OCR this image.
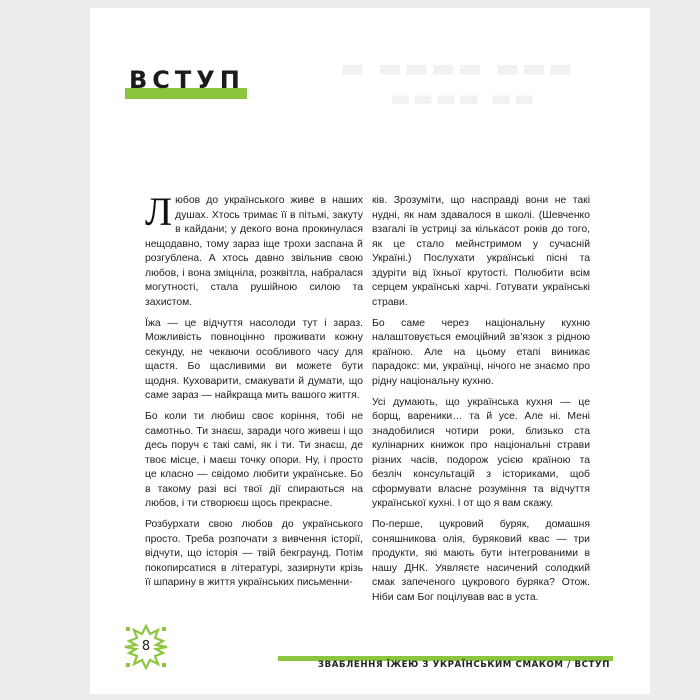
▬ ▬▬▬▬ ▬▬▬
▬▬▬▬ ▬▬
ВСТУП

Любов до українського живе в наших душах. Хтось тримає її в пітьмі, закуту в кайдани; у декого вона прокинулася нещодавно, тому зараз іще трохи заспана й розгублена. А хтось давно звільнив свою любов, і вона зміцніла, розквітла, набралася могутності, стала рушійною силою та захистом.

Їжа — це відчуття насолоди тут і зараз. Можливість повноцінно проживати кожну секунду, не чекаючи особливого часу для щастя. Бо щасливими ви можете бути щодня. Куховарити, смакувати й думати, що саме зараз — найкраща мить вашого життя.

Бо коли ти любиш своє коріння, тобі не самотньо. Ти знаєш, заради чого живеш і що десь поруч є такі самі, як і ти. Ти знаєш, де твоє місце, і маєш точку опори. Ну, і просто це класно — свідомо любити українське. Бо в такому разі всі твої дії спираються на любов, і ти створюєш щось прекрасне.

Розбурхати свою любов до українського просто. Треба розпочати з вивчення історії, відчути, що історія — твій бекграунд. Потім покопирсатися в літературі, зазирнути крізь її шпарину в життя українських письменни-

ків. Зрозуміти, що насправді вони не такі нудні, як нам здавалося в школі. (Шевченко взагалі їв устриці за кількасот років до того, як це стало мейнстримом у сучасній Україні.) Послухати українські пісні та здуріти від їхньої крутості. Полюбити всім серцем українські харчі. Готувати українські страви.

Бо саме через національну кухню налаштовується емоційний зв’язок з рідною країною. Але на цьому етапі виникає парадокс: ми, українці, нічого не знаємо про рідну національну кухню.

Усі думають, що українська кухня — це борщ, вареники… та й усе. Але ні. Мені знадобилися чотири роки, близько ста кулінарних книжок про національні страви різних часів, подорож усією країною та безліч консультацій з істориками, щоб сформувати власне розуміння та відчуття української кухні. І от що я вам скажу.

По-перше, цукровий буряк, домашня соняшникова олія, буряковий квас — три продукти, які мають бути інтегрованими в нашу ДНК. Уявляєте насичений солодкий смак запеченого цукрового буряка? Отож. Ніби сам Бог поцілував вас в уста.

ЗВАБЛЕННЯ ЇЖЕЮ З УКРАЇНСЬКИМ СМАКОМ / ВСТУП

8
